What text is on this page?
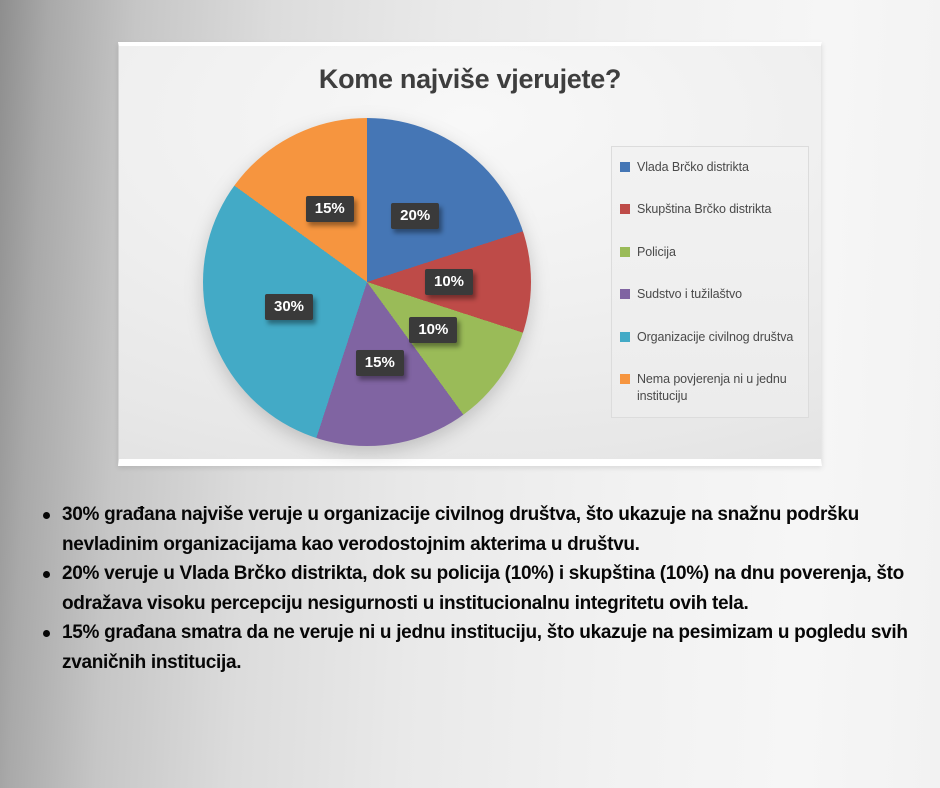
Kome najviše vjerujete?
20%
10%
10%
15%
30%
15%
Vlada Brčko distrikta
Skupština Brčko distrikta
Policija
Sudstvo i tužilaštvo
Organizacije civilnog društva
Nema povjerenja ni u jednu instituciju
30% građana najviše veruje u organizacije civilnog društva, što ukazuje na snažnu podršku nevladinim organizacijama kao verodostojnim akterima u društvu.
20% veruje u Vlada Brčko distrikta, dok su policija (10%) i skupština (10%) na dnu poverenja, što odražava visoku percepciju nesigurnosti u institucionalnu integritetu ovih tela.
15% građana smatra da ne veruje ni u jednu instituciju, što ukazuje na pesimizam u pogledu svih zvaničnih institucija.
